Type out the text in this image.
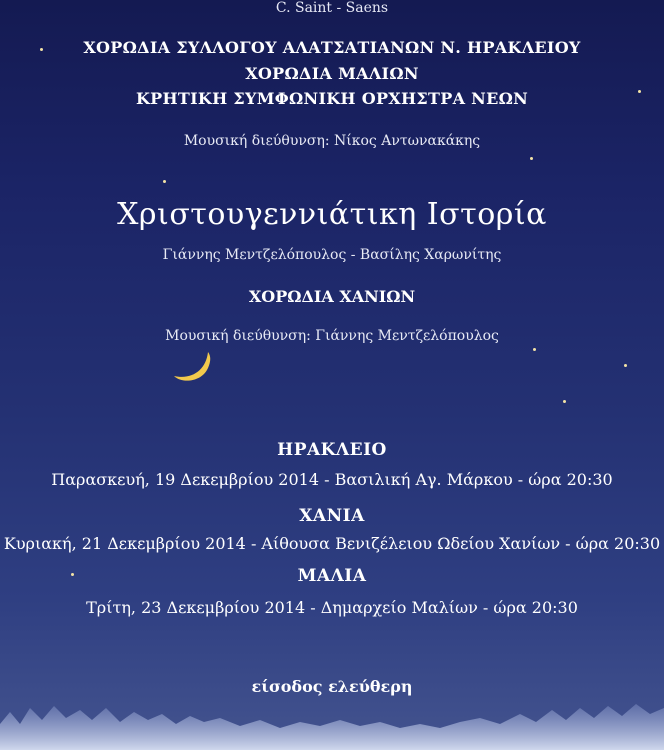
C. Saint - Saens
ΧΟΡΩΔΙΑ ΣΥΛΛΟΓΟΥ ΑΛΑΤΣΑΤΙΑΝΩΝ Ν. ΗΡΑΚΛΕΙΟΥ
ΧΟΡΩΔΙΑ ΜΑΛΙΩΝ
ΚΡΗΤΙΚΗ ΣΥΜΦΩΝΙΚΗ ΟΡΧΗΣΤΡΑ ΝΕΩΝ
Μουσική διεύθυνση: Νίκος Αντωνακάκης
Χριστουγεννιάτικη Ιστορία
Γιάννης Μεντζελόπουλος - Βασίλης Χαρωνίτης
ΧΟΡΩΔΙΑ ΧΑΝΙΩΝ
Μουσική διεύθυνση: Γιάννης Μεντζελόπουλος
ΗΡΑΚΛΕΙΟ
Παρασκευή, 19 Δεκεμβρίου 2014 - Βασιλική Αγ. Μάρκου - ώρα 20:30
ΧΑΝΙΑ
Κυριακή, 21 Δεκεμβρίου 2014 - Αίθουσα Βενιζέλειου Ωδείου Χανίων - ώρα 20:30
ΜΑΛΙΑ
Τρίτη, 23 Δεκεμβρίου 2014 - Δημαρχείο Μαλίων - ώρα 20:30
είσοδος ελεύθερη
